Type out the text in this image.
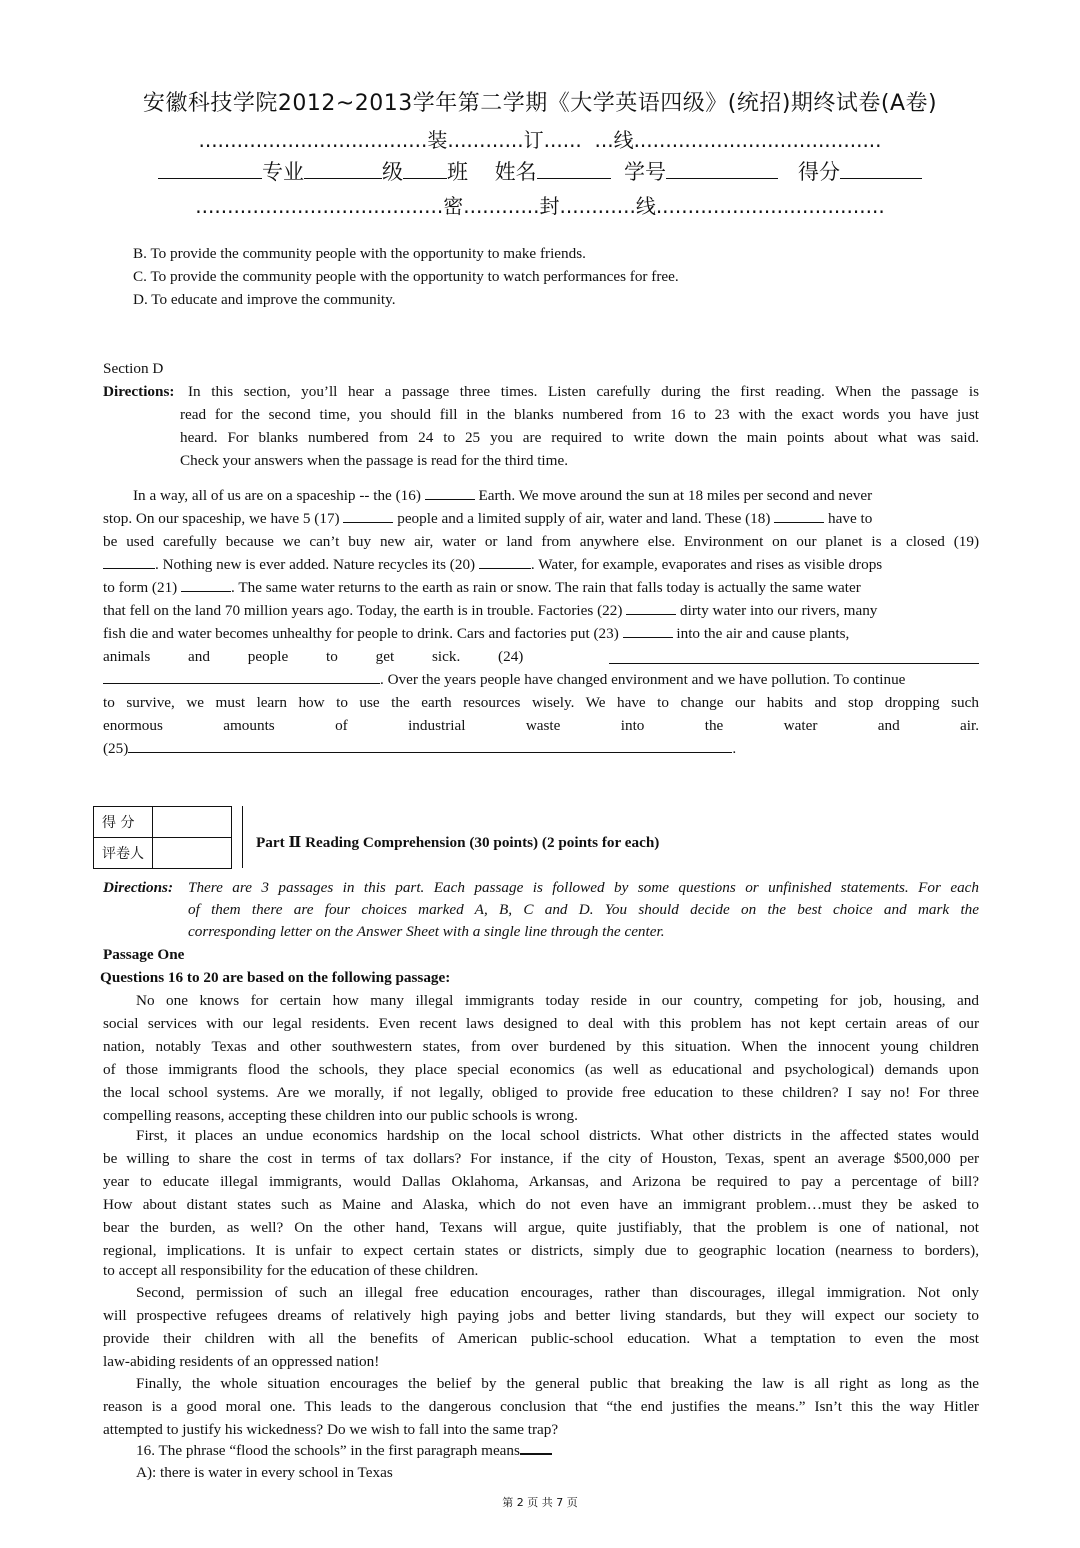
安徽科技学院2012~2013学年第二学期《大学英语四级》(统招)期终试卷(A卷)
....................................装............订......  ...线.......................................
专业	级 班 姓名	学号	得分
.......................................密............封............线....................................
B. To provide the community people with the opportunity to make friends.
C. To provide the community people with the opportunity to watch performances for free.
D. To educate and improve the community.
Section D
Directions: In this section, you’ll hear a passage three times. Listen carefully during the first reading. When the passage is
read for the second time, you should fill in the blanks numbered from 16 to 23 with the exact words you have just
heard. For blanks numbered from 24 to 25 you are required to write down the main points about what was said.
Check your answers when the passage is read for the third time.
In a way, all of us are on a spaceship -- the (16)	Earth. We move around the sun at 18 miles per second and never
stop. On our spaceship, we have 5 (17)	people and a limited supply of air, water and land. These (18)	have to
be used carefully because we can’t buy new air, water or land from anywhere else. Environment on our planet is a closed (19)
. Nothing new is ever added. Nature recycles its (20)	. Water, for example, evaporates and rises as visible drops
to form (21)	. The same water returns to the earth as rain or snow. The rain that falls today is actually the same water
that fell on the land 70 million years ago. Today, the earth is in trouble. Factories (22)	dirty water into our rivers, many
fish die and water becomes unhealthy for people to drink. Cars and factories put (23)	into the air and cause plants,
animals and people to get sick. (24)
. Over the years people have changed environment and we have pollution. To continue
to survive, we must learn how to use the earth resources wisely. We have to change our habits and stop dropping such
enormous amounts of industrial waste into the water and air.
(25)	.
得 分	
评卷人	
Part Ⅱ Reading Comprehension (30 points) (2 points for each)
Directions: There are 3 passages in this part. Each passage is followed by some questions or unfinished statements. For each
of them there are four choices marked A, B, C and D. You should decide on the best choice and mark the
corresponding letter on the Answer Sheet with a single line through the center.
Passage One
Questions 16 to 20 are based on the following passage:
No one knows for certain how many illegal immigrants today reside in our country, competing for job, housing, and
social services with our legal residents. Even recent laws designed to deal with this problem has not kept certain areas of our
nation, notably Texas and other southwestern states, from over burdened by this situation. When the innocent young children
of those immigrants flood the schools, they place special economics (as well as educational and psychological) demands upon
the local school systems. Are we morally, if not legally, obliged to provide free education to these children? I say no! For three
compelling reasons, accepting these children into our public schools is wrong.
First, it places an undue economics hardship on the local school districts. What other districts in the affected states would
be willing to share the cost in terms of tax dollars? For instance, if the city of Houston, Texas, spent an average $500,000 per
year to educate illegal immigrants, would Dallas Oklahoma, Arkansas, and Arizona be required to pay a percentage of bill?
How about distant states such as Maine and Alaska, which do not even have an immigrant problem…must they be asked to
bear the burden, as well? On the other hand, Texans will argue, quite justifiably, that the problem is one of national, not
regional, implications. It is unfair to expect certain states or districts, simply due to geographic location (nearness to borders),
to accept all responsibility for the education of these children.
Second, permission of such an illegal free education encourages, rather than discourages, illegal immigration. Not only
will prospective refugees dreams of relatively high paying jobs and better living standards, but they will expect our society to
provide their children with all the benefits of American public-school education. What a temptation to even the most
law-abiding residents of an oppressed nation!
Finally, the whole situation encourages the belief by the general public that breaking the law is all right as long as the
reason is a good moral one. This leads to the dangerous conclusion that “the end justifies the means.” Isn’t this the way Hitler
attempted to justify his wickedness? Do we wish to fall into the same trap?
16. The phrase “flood the schools” in the first paragraph means
A): there is water in every school in Texas
第 2 页 共 7 页
